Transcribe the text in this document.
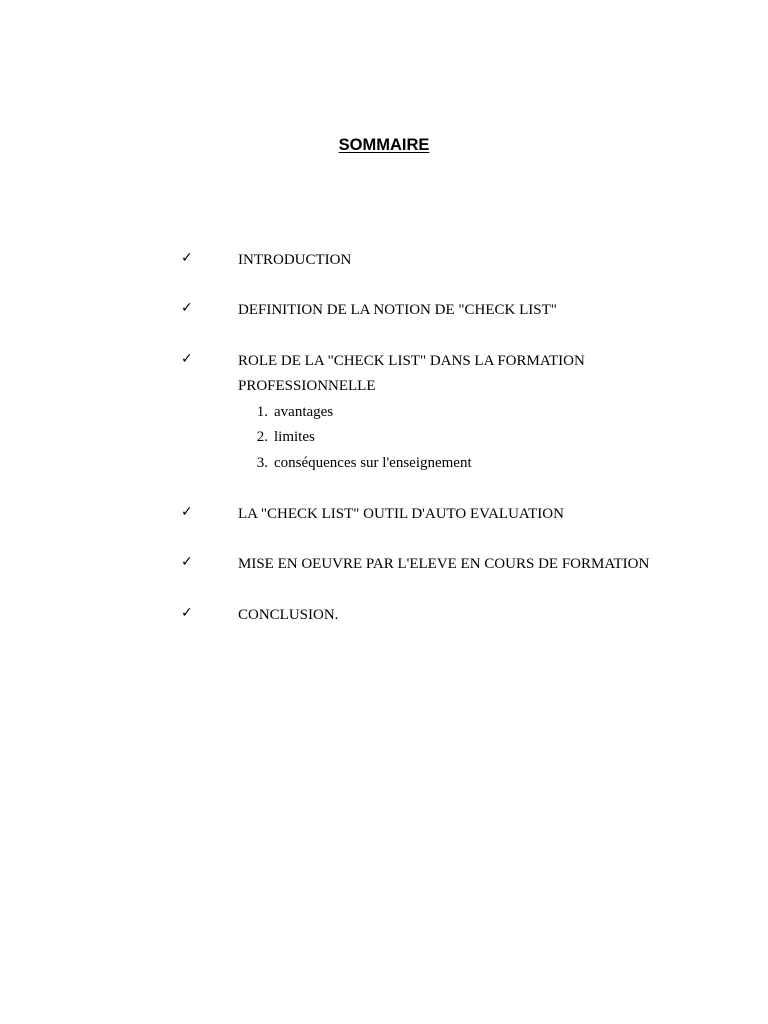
SOMMAIRE
✓	INTRODUCTION
✓	DEFINITION DE LA NOTION DE "CHECK LIST"
✓	ROLE DE LA "CHECK LIST" DANS LA FORMATION
PROFESSIONNELLE
1. avantages
2. limites
3. conséquences sur l'enseignement
✓	LA "CHECK LIST" OUTIL D'AUTO EVALUATION
✓	MISE EN OEUVRE PAR L'ELEVE EN COURS DE FORMATION
✓	CONCLUSION.
